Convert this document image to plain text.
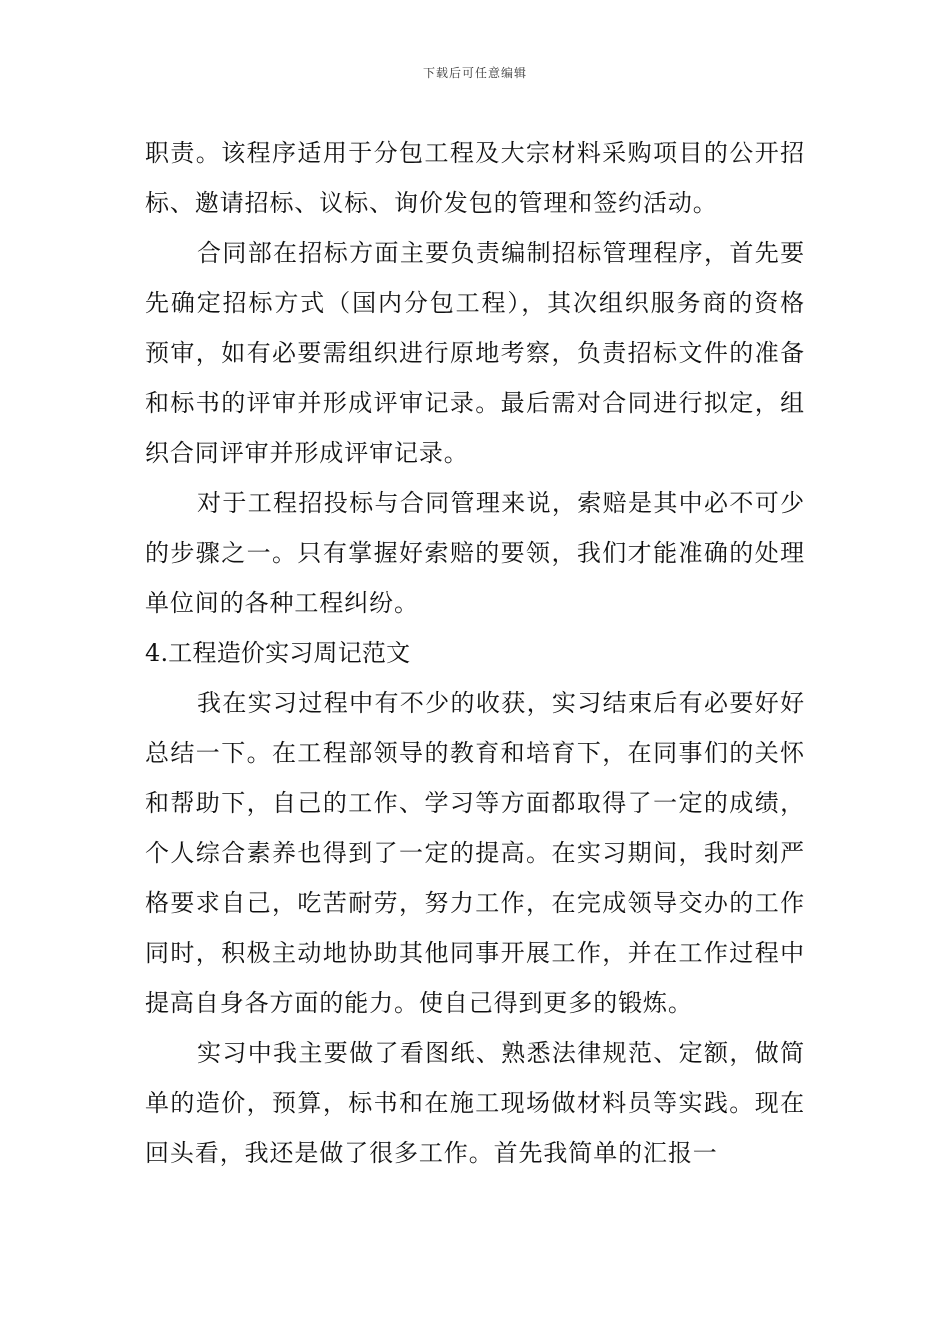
下载后可任意编辑

职责。该程序适用于分包工程及大宗材料采购项目的公开招标、邀请招标、议标、询价发包的管理和签约活动。

合同部在招标方面主要负责编制招标管理程序，首先要先确定招标方式（国内分包工程），其次组织服务商的资格预审，如有必要需组织进行原地考察，负责招标文件的准备和标书的评审并形成评审记录。最后需对合同进行拟定，组织合同评审并形成评审记录。

对于工程招投标与合同管理来说，索赔是其中必不可少的步骤之一。只有掌握好索赔的要领，我们才能准确的处理单位间的各种工程纠纷。

4.工程造价实习周记范文

我在实习过程中有不少的收获，实习结束后有必要好好总结一下。在工程部领导的教育和培育下，在同事们的关怀和帮助下，自己的工作、学习等方面都取得了一定的成绩，个人综合素养也得到了一定的提高。在实习期间，我时刻严格要求自己，吃苦耐劳，努力工作，在完成领导交办的工作同时，积极主动地协助其他同事开展工作，并在工作过程中提高自身各方面的能力。使自己得到更多的锻炼。

实习中我主要做了看图纸、熟悉法律规范、定额，做简单的造价，预算，标书和在施工现场做材料员等实践。现在回头看，我还是做了很多工作。首先我简单的汇报一
